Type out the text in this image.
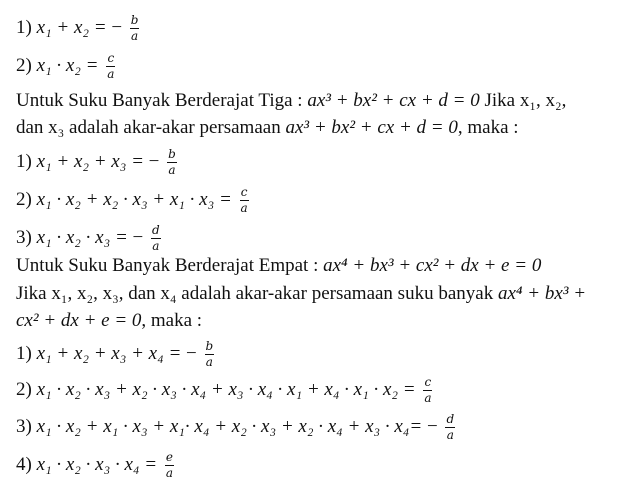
1) x₁ + x₂ = − $\frac{b}{a}$
2) $x_1 \cdot x_2 = \frac{c}{a}$
Untuk Suku Banyak Berderajat Tiga : ax³ + bx² + cx + d = 0 Jika x₁, x₂,
dan x₃ adalah akar-akar persamaan ax³ + bx² + cx + d = 0, maka :
1) x₁ + x₂ + x₃ = − $\frac{b}{a}$
2) $x_1 \cdot x_2 + x_2 \cdot x_3 + x_1 \cdot x_3 = \frac{c}{a}$
3) x₁ · x₂ · x₃ = − $\frac{d}{a}$
Untuk Suku Banyak Berderajat Empat : ax⁴ + bx³ + cx² + dx + e = 0
Jika x₁, x₂, x₃, dan x₄ adalah akar-akar persamaan suku banyak ax⁴ + bx³ +
cx² + dx + e = 0, maka :
1) x₁ + x₂ + x₃ + x₄ = − $\frac{b}{a}$
2) $x_1 \cdot x_2 \cdot x_3 + x_2 \cdot x_3 \cdot x_4 + x_3 \cdot x_4 \cdot x_1 + x_4 \cdot x_1 \cdot x_2 = \frac{c}{a}$
3) $x_1 \cdot x_2 + x_1 \cdot x_3 + x_1\cdot x_4 + x_2 \cdot x_3 + x_2 \cdot x_4 + x_3 \cdot x_4= - \frac{d}{a}$
4) $x_1 \cdot x_2 \cdot x_3 \cdot x_4 = \frac{e}{a}$
